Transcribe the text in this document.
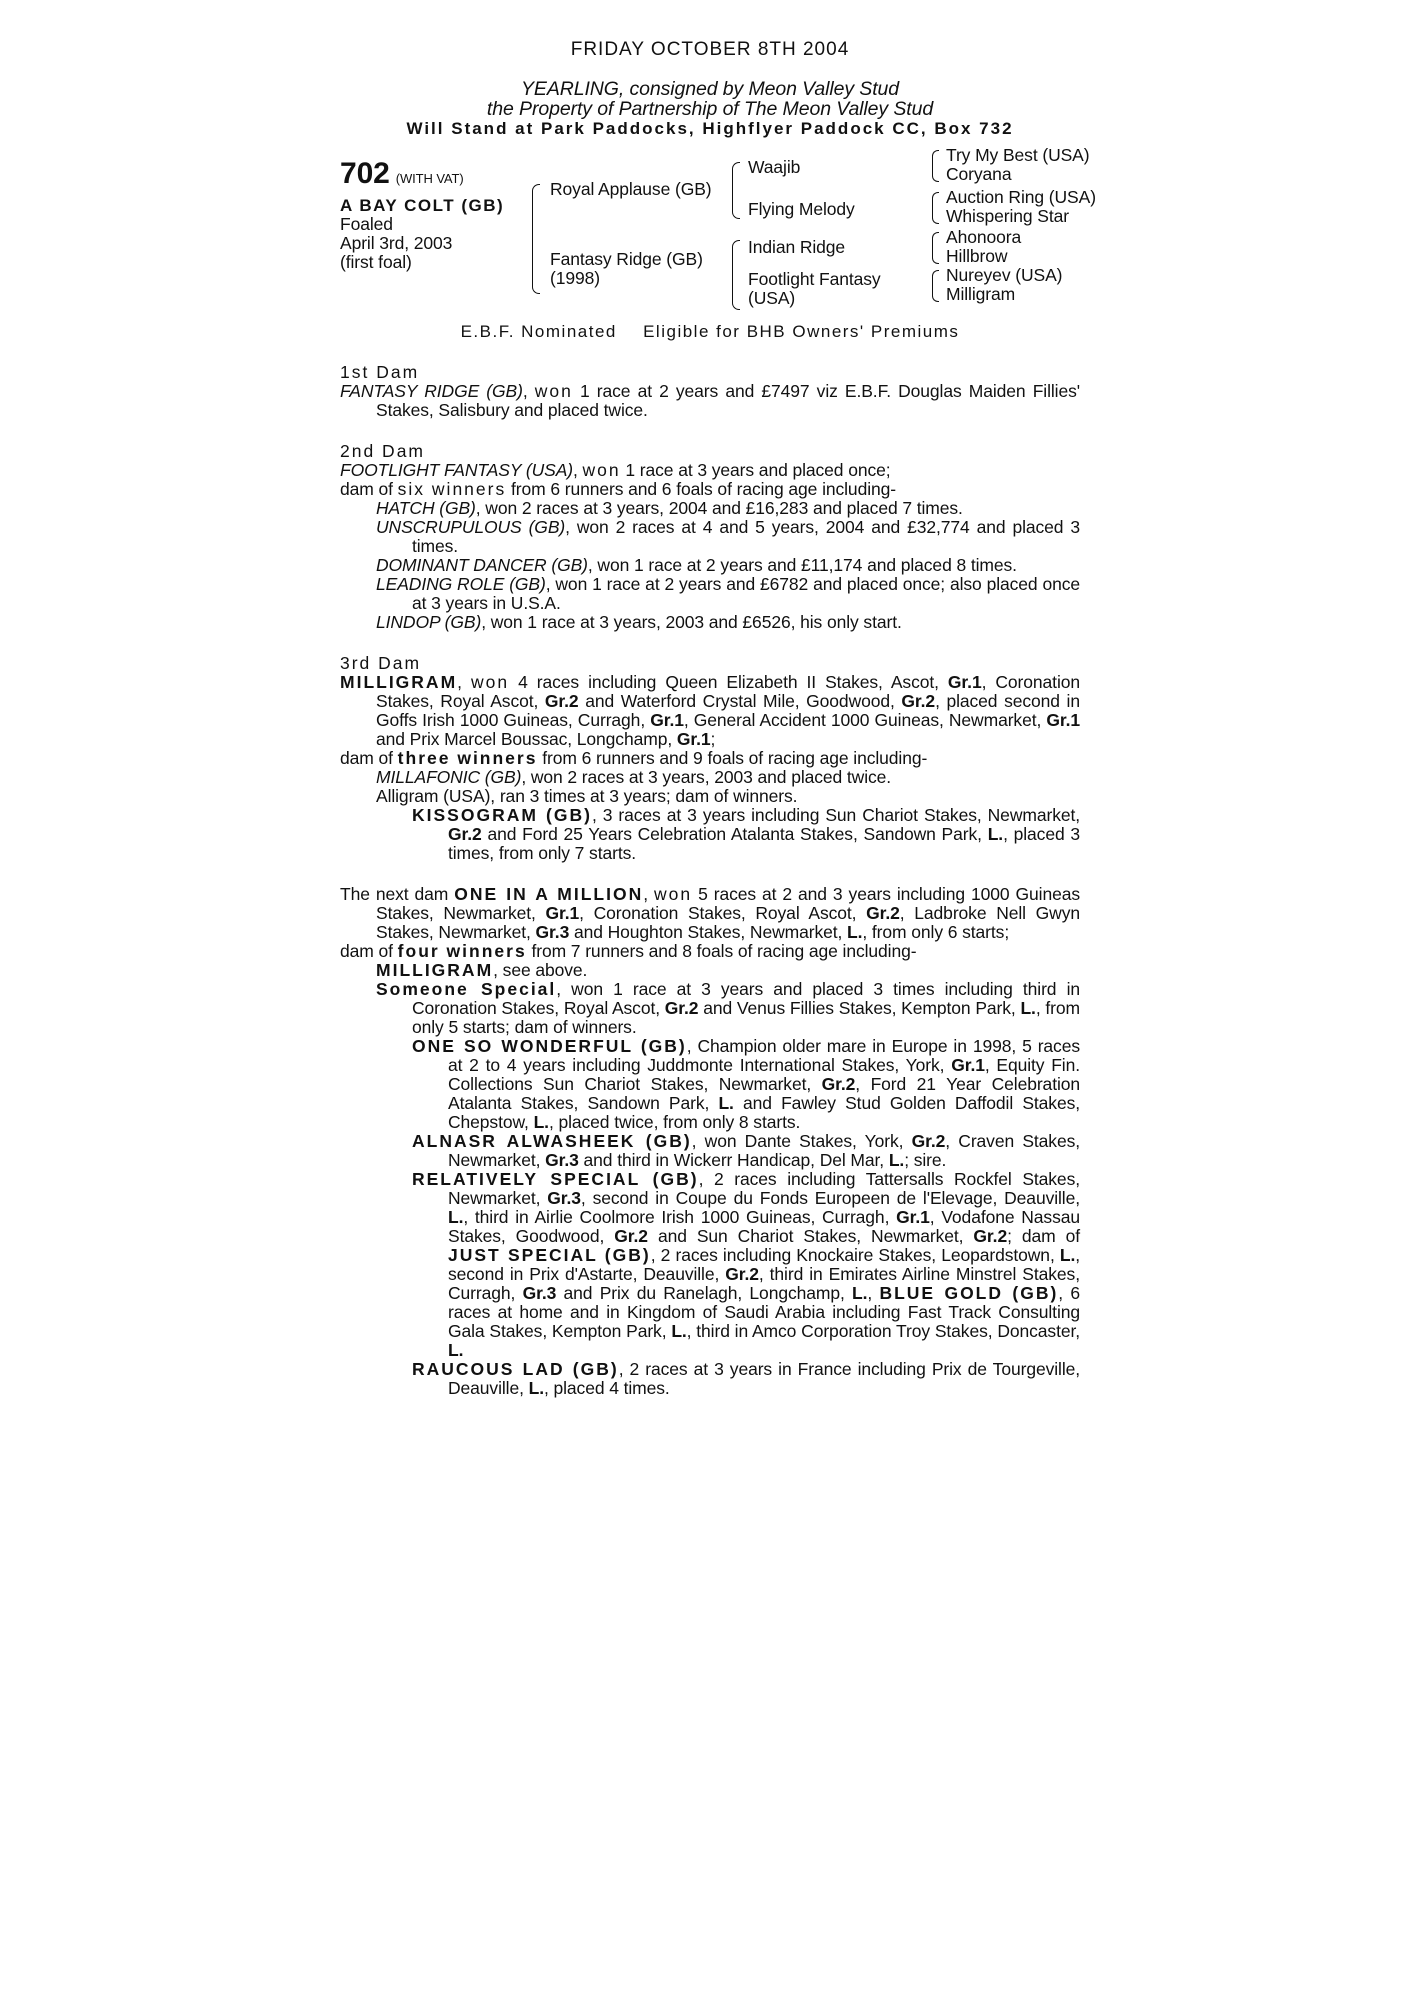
FRIDAY OCTOBER 8TH 2004
YEARLING, consigned by Meon Valley Stud
the Property of Partnership of The Meon Valley Stud
Will Stand at Park Paddocks, Highflyer Paddock CC, Box 732
702 (WITH VAT)
A BAY COLT (GB)
Foaled
April 3rd, 2003
(first foal)
Royal Applause (GB)
Fantasy Ridge (GB)
(1998)
Waajib
Flying Melody
Indian Ridge
Footlight Fantasy
(USA)
Try My Best (USA)
Coryana
Auction Ring (USA)
Whispering Star
Ahonoora
Hillbrow
Nureyev (USA)
Milligram
E.B.F. Nominated Eligible for BHB Owners' Premiums

1st Dam

FANTASY RIDGE (GB), won 1 race at 2 years and £7497 viz E.B.F. Douglas Maiden Fillies' Stakes, Salisbury and placed twice.

2nd Dam

FOOTLIGHT FANTASY (USA), won 1 race at 3 years and placed once;

dam of six winners from 6 runners and 6 foals of racing age including-

HATCH (GB), won 2 races at 3 years, 2004 and £16,283 and placed 7 times.

UNSCRUPULOUS (GB), won 2 races at 4 and 5 years, 2004 and £32,774 and placed 3 times.

DOMINANT DANCER (GB), won 1 race at 2 years and £11,174 and placed 8 times.

LEADING ROLE (GB), won 1 race at 2 years and £6782 and placed once; also placed once at 3 years in U.S.A.

LINDOP (GB), won 1 race at 3 years, 2003 and £6526, his only start.

3rd Dam

MILLIGRAM, won 4 races including Queen Elizabeth II Stakes, Ascot, Gr.1, Coronation Stakes, Royal Ascot, Gr.2 and Waterford Crystal Mile, Goodwood, Gr.2, placed second in Goffs Irish 1000 Guineas, Curragh, Gr.1, General Accident 1000 Guineas, Newmarket, Gr.1 and Prix Marcel Boussac, Longchamp, Gr.1;

dam of three winners from 6 runners and 9 foals of racing age including-

MILLAFONIC (GB), won 2 races at 3 years, 2003 and placed twice.

Alligram (USA), ran 3 times at 3 years; dam of winners.

KISSOGRAM (GB), 3 races at 3 years including Sun Chariot Stakes, Newmarket, Gr.2 and Ford 25 Years Celebration Atalanta Stakes, Sandown Park, L., placed 3 times, from only 7 starts.

The next dam ONE IN A MILLION, won 5 races at 2 and 3 years including 1000 Guineas Stakes, Newmarket, Gr.1, Coronation Stakes, Royal Ascot, Gr.2, Ladbroke Nell Gwyn Stakes, Newmarket, Gr.3 and Houghton Stakes, Newmarket, L., from only 6 starts;

dam of four winners from 7 runners and 8 foals of racing age including-

MILLIGRAM, see above.

Someone Special, won 1 race at 3 years and placed 3 times including third in Coronation Stakes, Royal Ascot, Gr.2 and Venus Fillies Stakes, Kempton Park, L., from only 5 starts; dam of winners.

ONE SO WONDERFUL (GB), Champion older mare in Europe in 1998, 5 races at 2 to 4 years including Juddmonte International Stakes, York, Gr.1, Equity Fin. Collections Sun Chariot Stakes, Newmarket, Gr.2, Ford 21 Year Celebration Atalanta Stakes, Sandown Park, L. and Fawley Stud Golden Daffodil Stakes, Chepstow, L., placed twice, from only 8 starts.

ALNASR ALWASHEEK (GB), won Dante Stakes, York, Gr.2, Craven Stakes, Newmarket, Gr.3 and third in Wickerr Handicap, Del Mar, L.; sire.

RELATIVELY SPECIAL (GB), 2 races including Tattersalls Rockfel Stakes, Newmarket, Gr.3, second in Coupe du Fonds Europeen de l'Elevage, Deauville, L., third in Airlie Coolmore Irish 1000 Guineas, Curragh, Gr.1, Vodafone Nassau Stakes, Goodwood, Gr.2 and Sun Chariot Stakes, Newmarket, Gr.2; dam of JUST SPECIAL (GB), 2 races including Knockaire Stakes, Leopardstown, L., second in Prix d'Astarte, Deauville, Gr.2, third in Emirates Airline Minstrel Stakes, Curragh, Gr.3 and Prix du Ranelagh, Longchamp, L., BLUE GOLD (GB), 6 races at home and in Kingdom of Saudi Arabia including Fast Track Consulting Gala Stakes, Kempton Park, L., third in Amco Corporation Troy Stakes, Doncaster, L.

RAUCOUS LAD (GB), 2 races at 3 years in France including Prix de Tourgeville, Deauville, L., placed 4 times.
